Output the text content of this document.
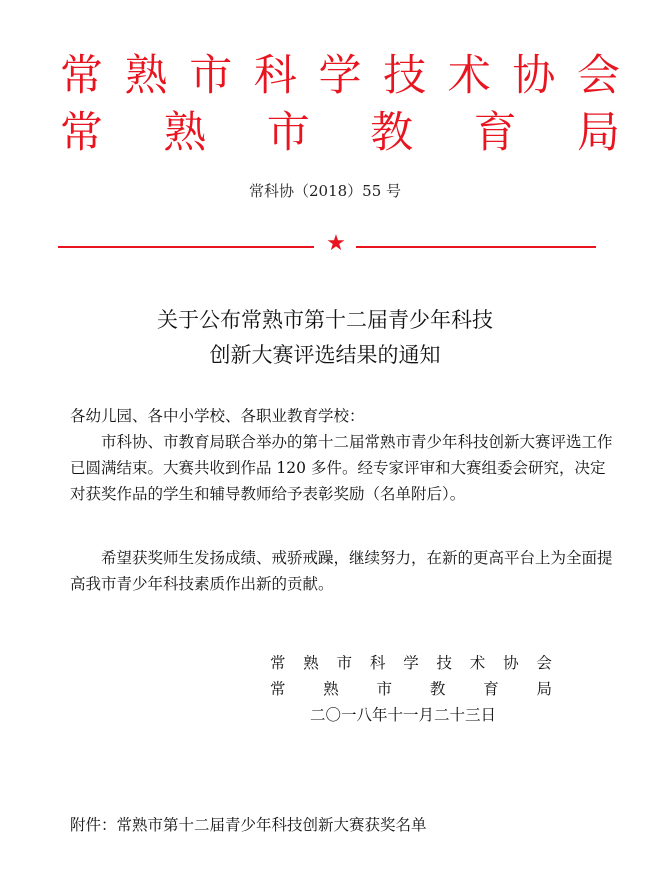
常 熟 市 科 学 技 术 协 会
常 熟 市 教 育 局
常科协（2018）55 号
★
关于公布常熟市第十二届青少年科技
创新大赛评选结果的通知
各幼儿园、各中小学校、各职业教育学校：
市科协、市教育局联合举办的第十二届常熟市青少年科技创新大赛评选工作已圆满结束。大赛共收到作品 120 多件。经专家评审和大赛组委会研究，决定对获奖作品的学生和辅导教师给予表彰奖励（名单附后）。
希望获奖师生发扬成绩、戒骄戒躁，继续努力，在新的更高平台上为全面提高我市青少年科技素质作出新的贡献。
常 熟 市 科 学 技 术 协 会
常 熟 市 教 育 局
二〇一八年十一月二十三日
附件：常熟市第十二届青少年科技创新大赛获奖名单
